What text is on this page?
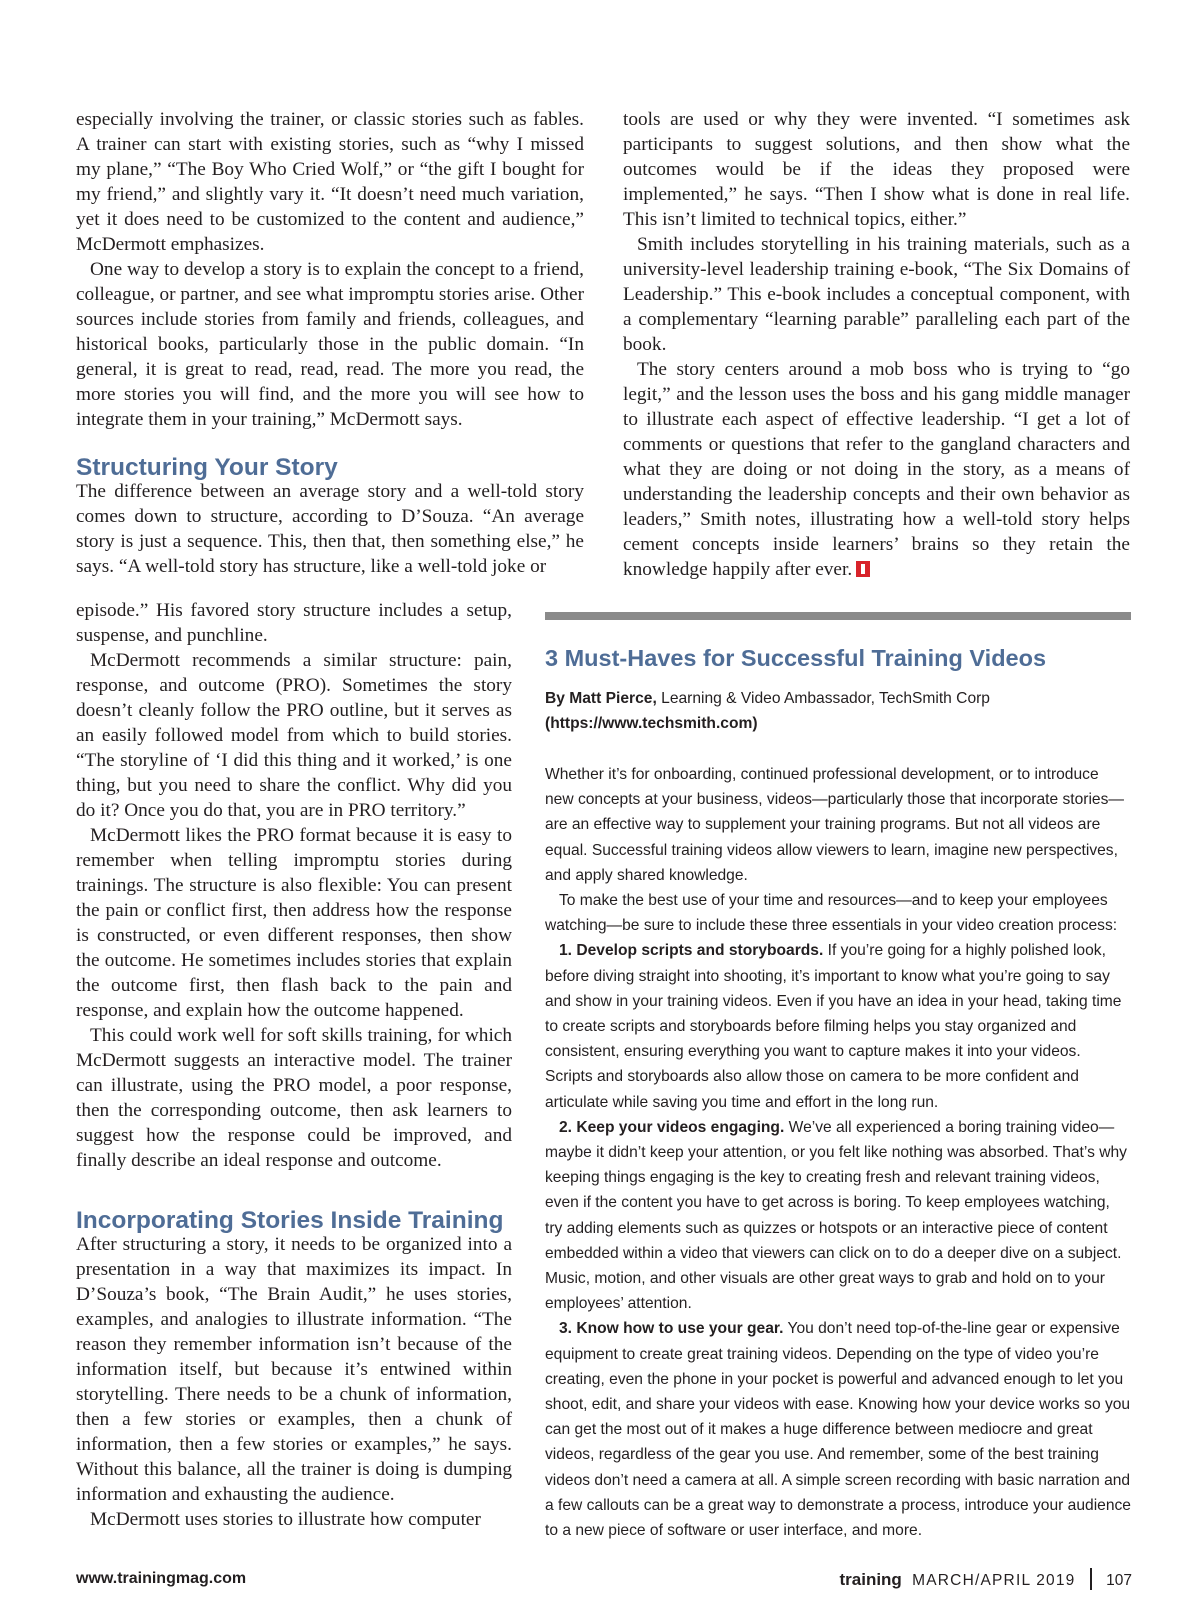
especially involving the trainer, or classic stories such as fables. A trainer can start with existing stories, such as “why I missed my plane,” “The Boy Who Cried Wolf,” or “the gift I bought for my friend,” and slightly vary it. “It doesn’t need much variation, yet it does need to be customized to the content and audience,” McDermott emphasizes.

One way to develop a story is to explain the concept to a friend, colleague, or partner, and see what impromptu stories arise. Other sources include stories from family and friends, colleagues, and historical books, particularly those in the public domain. “In general, it is great to read, read, read. The more you read, the more stories you will find, and the more you will see how to integrate them in your training,” McDermott says.

Structuring Your Story

The difference between an average story and a well-told story comes down to structure, according to D’Souza. “An average story is just a sequence. This, then that, then something else,” he says. “A well-told story has structure, like a well-told joke or

episode.” His favored story structure includes a setup, suspense, and punchline.

McDermott recommends a similar structure: pain, response, and outcome (PRO). Sometimes the story doesn’t cleanly follow the PRO outline, but it serves as an easily followed model from which to build stories. “The storyline of ‘I did this thing and it worked,’ is one thing, but you need to share the conflict. Why did you do it? Once you do that, you are in PRO territory.”

McDermott likes the PRO format because it is easy to remember when telling impromptu stories during trainings. The structure is also flexible: You can present the pain or conflict first, then address how the response is constructed, or even different responses, then show the outcome. He sometimes includes stories that explain the outcome first, then flash back to the pain and response, and explain how the outcome happened.

This could work well for soft skills training, for which McDermott suggests an interactive model. The trainer can illustrate, using the PRO model, a poor response, then the corresponding outcome, then ask learners to suggest how the response could be improved, and finally describe an ideal response and outcome.

Incorporating Stories Inside Training

After structuring a story, it needs to be organized into a presentation in a way that maximizes its impact. In D’Souza’s book, “The Brain Audit,” he uses stories, examples, and analogies to illustrate information. “The reason they remember information isn’t because of the information itself, but because it’s entwined within storytelling. There needs to be a chunk of information, then a few stories or examples, then a chunk of information, then a few stories or examples,” he says. Without this balance, all the trainer is doing is dumping information and exhausting the audience.

McDermott uses stories to illustrate how computer

tools are used or why they were invented. “I sometimes ask participants to suggest solutions, and then show what the outcomes would be if the ideas they proposed were implemented,” he says. “Then I show what is done in real life. This isn’t limited to technical topics, either.”

Smith includes storytelling in his training materials, such as a university-level leadership training e-book, “The Six Domains of Leadership.” This e-book includes a conceptual component, with a complementary “learning parable” paralleling each part of the book.

The story centers around a mob boss who is trying to “go legit,” and the lesson uses the boss and his gang middle manager to illustrate each aspect of effective leadership. “I get a lot of comments or questions that refer to the gangland characters and what they are doing or not doing in the story, as a means of understanding the leadership concepts and their own behavior as leaders,” Smith notes, illustrating how a well-told story helps cement concepts inside learners’ brains so they retain the knowledge happily after ever.

3 Must-Haves for Successful Training Videos
By Matt Pierce, Learning & Video Ambassador, TechSmith Corp
(https://www.techsmith.com)

Whether it’s for onboarding, continued professional development, or to introduce new concepts at your business, videos—particularly those that incorporate stories—are an effective way to supplement your training programs. But not all videos are equal. Successful training videos allow viewers to learn, imagine new perspectives, and apply shared knowledge.

To make the best use of your time and resources—and to keep your employees watching—be sure to include these three essentials in your video creation process:

1. Develop scripts and storyboards. If you’re going for a highly polished look, before diving straight into shooting, it’s important to know what you’re going to say and show in your training videos. Even if you have an idea in your head, taking time to create scripts and storyboards before filming helps you stay organized and consistent, ensuring everything you want to capture makes it into your videos. Scripts and storyboards also allow those on camera to be more confident and articulate while saving you time and effort in the long run.

2. Keep your videos engaging. We’ve all experienced a boring training video—maybe it didn’t keep your attention, or you felt like nothing was absorbed. That’s why keeping things engaging is the key to creating fresh and relevant training videos, even if the content you have to get across is boring. To keep employees watching, try adding elements such as quizzes or hotspots or an interactive piece of content embedded within a video that viewers can click on to do a deeper dive on a subject. Music, motion, and other visuals are other great ways to grab and hold on to your employees’ attention.

3. Know how to use your gear. You don’t need top-of-the-line gear or expensive equipment to create great training videos. Depending on the type of video you’re creating, even the phone in your pocket is powerful and advanced enough to let you shoot, edit, and share your videos with ease. Knowing how your device works so you can get the most out of it makes a huge difference between mediocre and great videos, regardless of the gear you use. And remember, some of the best training videos don’t need a camera at all. A simple screen recording with basic narration and a few callouts can be a great way to demonstrate a process, introduce your audience to a new piece of software or user interface, and more.

www.trainingmag.com	training MARCH/APRIL 2019 107
